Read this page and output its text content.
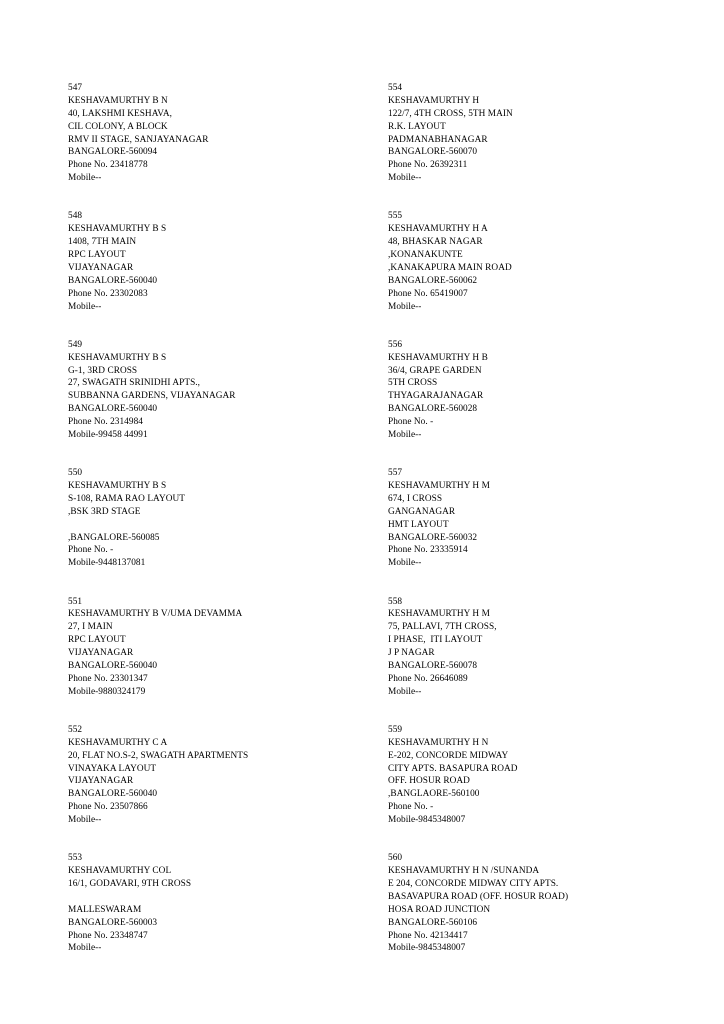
547
KESHAVAMURTHY B N
40, LAKSHMI KESHAVA,
CIL COLONY, A BLOCK
RMV II STAGE, SANJAYANAGAR
BANGALORE-560094
Phone No. 23418778
Mobile--
548
KESHAVAMURTHY B S
1408, 7TH MAIN
RPC LAYOUT
VIJAYANAGAR
BANGALORE-560040
Phone No. 23302083
Mobile--
549
KESHAVAMURTHY B S
G-1, 3RD CROSS
27, SWAGATH SRINIDHI APTS.,
SUBBANNA GARDENS, VIJAYANAGAR
BANGALORE-560040
Phone No. 2314984
Mobile-99458 44991
550
KESHAVAMURTHY B S
S-108, RAMA RAO LAYOUT
,BSK 3RD STAGE
,BANGALORE-560085
Phone No. -
Mobile-9448137081
551
KESHAVAMURTHY B V/UMA DEVAMMA
27, I MAIN
RPC LAYOUT
VIJAYANAGAR
BANGALORE-560040
Phone No. 23301347
Mobile-9880324179
552
KESHAVAMURTHY C A
20, FLAT NO.S-2, SWAGATH APARTMENTS
VINAYAKA LAYOUT
VIJAYANAGAR
BANGALORE-560040
Phone No. 23507866
Mobile--
553
KESHAVAMURTHY COL
16/1, GODAVARI, 9TH CROSS
MALLESWARAM
BANGALORE-560003
Phone No. 23348747
Mobile--
554
KESHAVAMURTHY H
122/7, 4TH CROSS, 5TH MAIN
R.K. LAYOUT
PADMANABHANAGAR
BANGALORE-560070
Phone No. 26392311
Mobile--
555
KESHAVAMURTHY H A
48, BHASKAR NAGAR
,KONANAKUNTE
,KANAKAPURA MAIN ROAD
BANGALORE-560062
Phone No. 65419007
Mobile--
556
KESHAVAMURTHY H B
36/4, GRAPE GARDEN
5TH CROSS
THYAGARAJANAGAR
BANGALORE-560028
Phone No. -
Mobile--
557
KESHAVAMURTHY H M
674, I CROSS
GANGANAGAR
HMT LAYOUT
BANGALORE-560032
Phone No. 23335914
Mobile--
558
KESHAVAMURTHY H M
75, PALLAVI, 7TH CROSS,
I PHASE,  ITI LAYOUT
J P NAGAR
BANGALORE-560078
Phone No. 26646089
Mobile--
559
KESHAVAMURTHY H N
E-202, CONCORDE MIDWAY
CITY APTS. BASAPURA ROAD
OFF. HOSUR ROAD
,BANGLAORE-560100
Phone No. -
Mobile-9845348007
560
KESHAVAMURTHY H N /SUNANDA
E 204, CONCORDE MIDWAY CITY APTS.
BASAVAPURA ROAD (OFF. HOSUR ROAD)
HOSA ROAD JUNCTION
BANGALORE-560106
Phone No. 42134417
Mobile-9845348007
